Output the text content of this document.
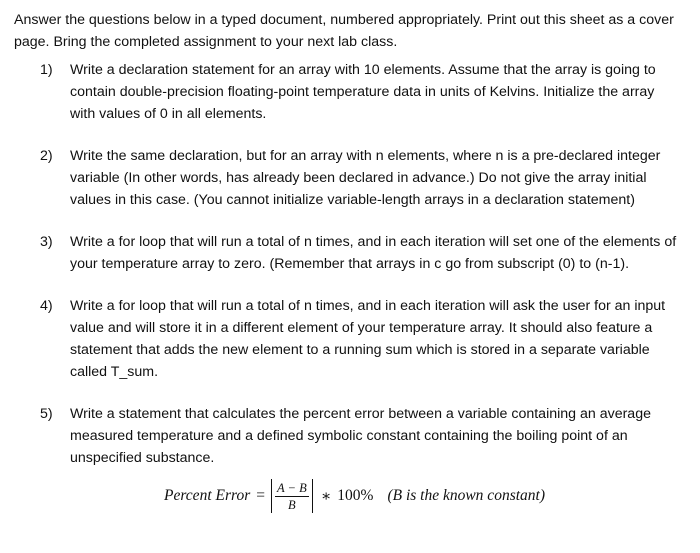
Answer the questions below in a typed document, numbered appropriately. Print out this sheet as a cover page. Bring the completed assignment to your next lab class.

1)	Write a declaration statement for an array with 10 elements. Assume that the array is going to contain double-precision floating-point temperature data in units of Kelvins. Initialize the array with values of 0 in all elements.
2)	Write the same declaration, but for an array with n elements, where n is a pre-declared integer variable (In other words, has already been declared in advance.) Do not give the array initial values in this case. (You cannot initialize variable-length arrays in a declaration statement)
3)	Write a for loop that will run a total of n times, and in each iteration will set one of the elements of your temperature array to zero. (Remember that arrays in c go from subscript (0) to (n-1).
4)	Write a for loop that will run a total of n times, and in each iteration will ask the user for an input value and will store it in a different element of your temperature array. It should also feature a statement that adds the new element to a running sum which is stored in a separate variable called T_sum.
5)	Write a statement that calculates the percent error between a variable containing an average measured temperature and a defined symbolic constant containing the boiling point of an unspecified substance.
Percent Error = $\frac{A - B}{B}$ ∗ 100% (B is the known constant)
